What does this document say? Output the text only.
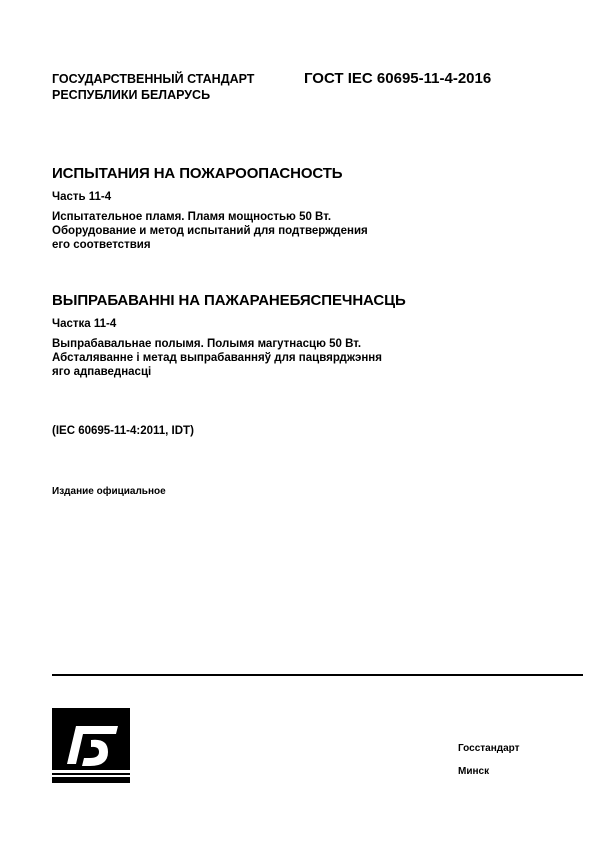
ГОСУДАРСТВЕННЫЙ СТАНДАРТ
РЕСПУБЛИКИ БЕЛАРУСЬ
ГОСТ IEC 60695-11-4-2016
ИСПЫТАНИЯ НА ПОЖАРООПАСНОСТЬ
Часть 11-4
Испытательное пламя. Пламя мощностью 50 Вт.
Оборудование и метод испытаний для подтверждения
его соответствия
ВЫПРАБАВАННІ НА ПАЖАРАНЕБЯСПЕЧНАСЦЬ
Частка 11-4
Выпрабавальнае полымя. Полымя магутнасцю 50 Вт.
Абсталяванне і метад выпрабаванняў для пацвярджэння
яго адпаведнасці
(IEC 60695-11-4:2011, IDT)
Издание официальное
Госстандарт
Минск
